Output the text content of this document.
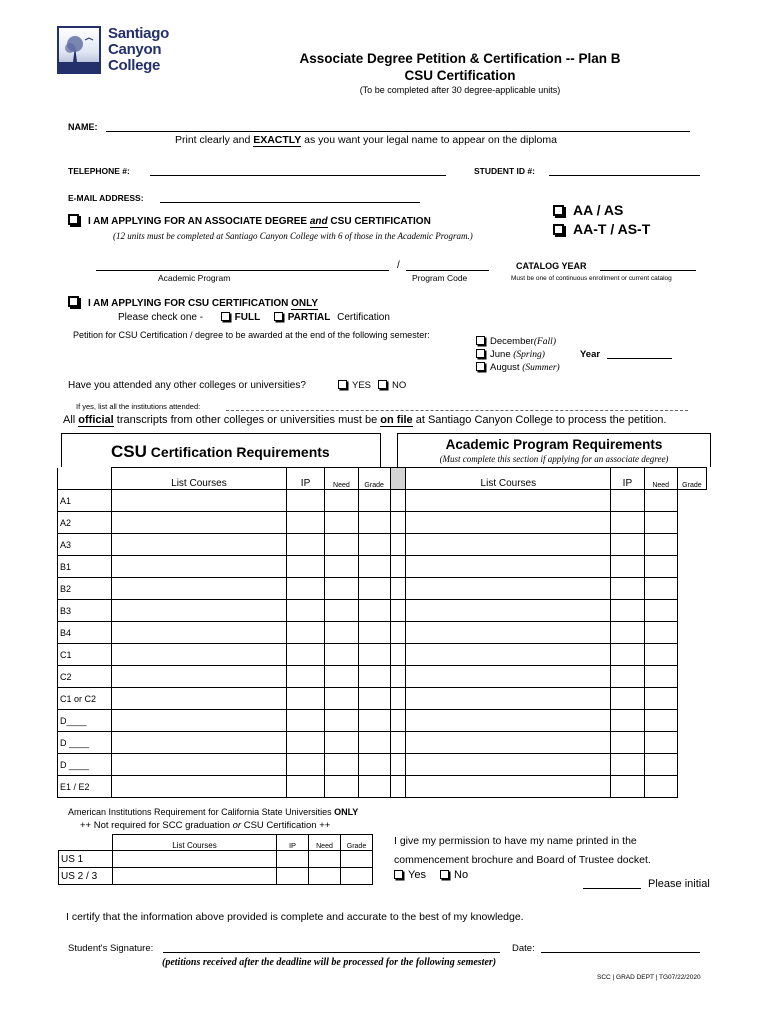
Santiago
Canyon
College	Associate Degree Petition & Certification -- Plan B
CSU Certification
(To be completed after 30 degree-applicable units)
NAME:
Print clearly and EXACTLY as you want your legal name to appear on the diploma
TELEPHONE #:	STUDENT ID #:
E-MAIL ADDRESS:
I AM APPLYING FOR AN ASSOCIATE DEGREE and CSU CERTIFICATION
(12 units must be completed at Santiago Canyon College with 6 of those in the Academic Program.)
AA / AS
AA-T / AS-T
/
Academic Program	Program Code
CATALOG YEAR
Must be one of continuous enrollment or current catalog
I AM APPLYING FOR CSU CERTIFICATION ONLY
Please check one -	FULL	PARTIAL Certification
Petition for CSU Certification / degree to be awarded at the end of the following semester:
December(Fall)
June (Spring)
August (Summer)
Year
Have you attended any other colleges or universities?	YES	NO
If yes, list all the institutions attended:
All official transcripts from other colleges or universities must be on file at Santiago Canyon College to process the petition.
CSU Certification Requirements	Academic Program Requirements
(Must complete this section if applying for an associate degree)
	List Courses	IP	Need	Grade		List Courses	IP	Need	Grade
A1									
A2									
A3									
B1									
B2									
B3									
B4									
C1									
C2									
C1 or C2									
D____									
D ____									
D ____									
E1 / E2									
American Institutions Requirement for California State Universities ONLY
++ Not required for SCC graduation or CSU Certification ++
	List Courses	IP	Need	Grade
US 1				
US 2 / 3				
I give my permission to have my name printed in the
commencement brochure and Board of Trustee docket.
Yes	No
Please initial
I certify that the information above provided is complete and accurate to the best of my knowledge.
Student's Signature:	Date:
(petitions received after the deadline will be processed for the following semester)
SCC | GRAD DEPT | TG07/22/2020
